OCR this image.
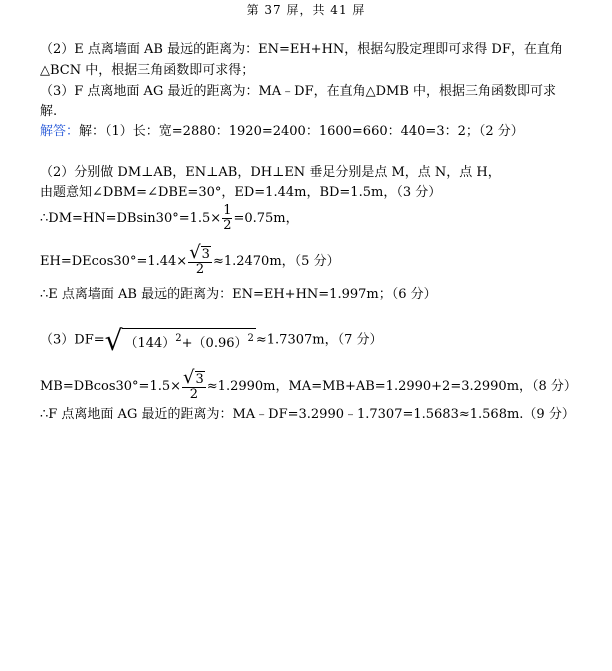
第 37 屏，共 41 屏
（2）E 点离墙面 AB 最远的距离为：EN=EH+HN，根据勾股定理即可求得 DF，在直角
△BCN 中，根据三角函数即可求得；
（3）F 点离地面 AG 最近的距离为：MA﹣DF，在直角△DMB 中，根据三角函数即可求
解.
解答：解：（1）长：宽=2880：1920=2400：1600=660：440=3：2；（2 分）
（2）分别做 DM⊥AB，EN⊥AB，DH⊥EN 垂足分别是点 M，点 N，点 H，
由题意知∠DBM=∠DBE=30°，ED=1.44m，BD=1.5m，（3 分）
∴DM=HN=DBsin30°=1.5× $\frac{1}{2} =0.75m$，
$EH=DEcos30^\circ=1.44\times \frac{√3}{2} \approx 1.2470m$，（5 分）
∴E 点离墙面 AB 最远的距离为：EN=EH+HN=1.997m；（6 分）
（3）DF=√ $(144)^2+(0.96)^2 \approx 1.7307m$，（7 分）
$MB=DBcos30^\circ=1.5\times \frac{√3}{2} \approx 1.2990m$，MA=MB+AB=1.2990+2=3.2990m，（8 分）
∴F 点离地面 AG 最近的距离为：MA﹣DF=3.2990﹣1.7307=1.5683≈1.568m.（9 分）
